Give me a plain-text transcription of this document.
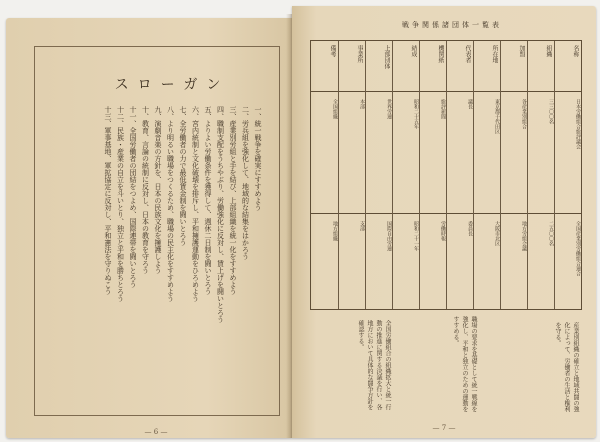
スローガン
一、統一戦争を確実にすすめよう
二、労兵組を強化して、地域的な結集をはかろう
三、産業別労組と手を結び、上部組織を統一化をすすめよう
四、職制支配をうちやぶり、労働強化に反対し、賃上げを闘いとろう
五、よりよい労働条件を獲得して、週休二日制を闘いとろう
六、宮内統制と文化破壊を排斥し、平和擁護運動をひろめよう
七、全労働者の力で最低賃金制を闘いとろう
八、より明るい職場をつくるため、職場の民主化をすすめよう
九、演劇音楽の方針を、日本の民族文化を擁護しよう
十、教育、言論の統制に反対し、日本の教育を守ろう
十一、全国労働者の団結をつよめ、国際連帯を闘いとろう
十二、民族・産業の自立を斗いとり、独立と平和を勝ちとろう
十三、軍事基地、軍拡協定に反対し、平和憲法を守りぬこう
— 6 —
戦争関係諸団体一覧表
名称
組織
加盟
所在地
代表者
機関紙
結成
上部団体
事業所
備考
日本労働組合総評議会
三三〇〇名
各産業別組合
東京都千代田区
議長
総評新聞
昭和二十五年
世界労連
本部
全国組織
全国産業別労働組合連合
二五〇〇名
地方労組会議
大阪市北区
委員長
労働時報
昭和二十一年
国際自由労連
支部
地方組織
産業別組織の確立と地域共闘の強化によって、労働者の生活と権利を守る。
職場の要求を基礎として統一戦線を強化し、平和と独立のための運動をすすめる。
全国労働組合の組織拡大と統一行動の推進に関する決議を行い、各地方において具体的な闘争方針を確認する。
— 7 —
